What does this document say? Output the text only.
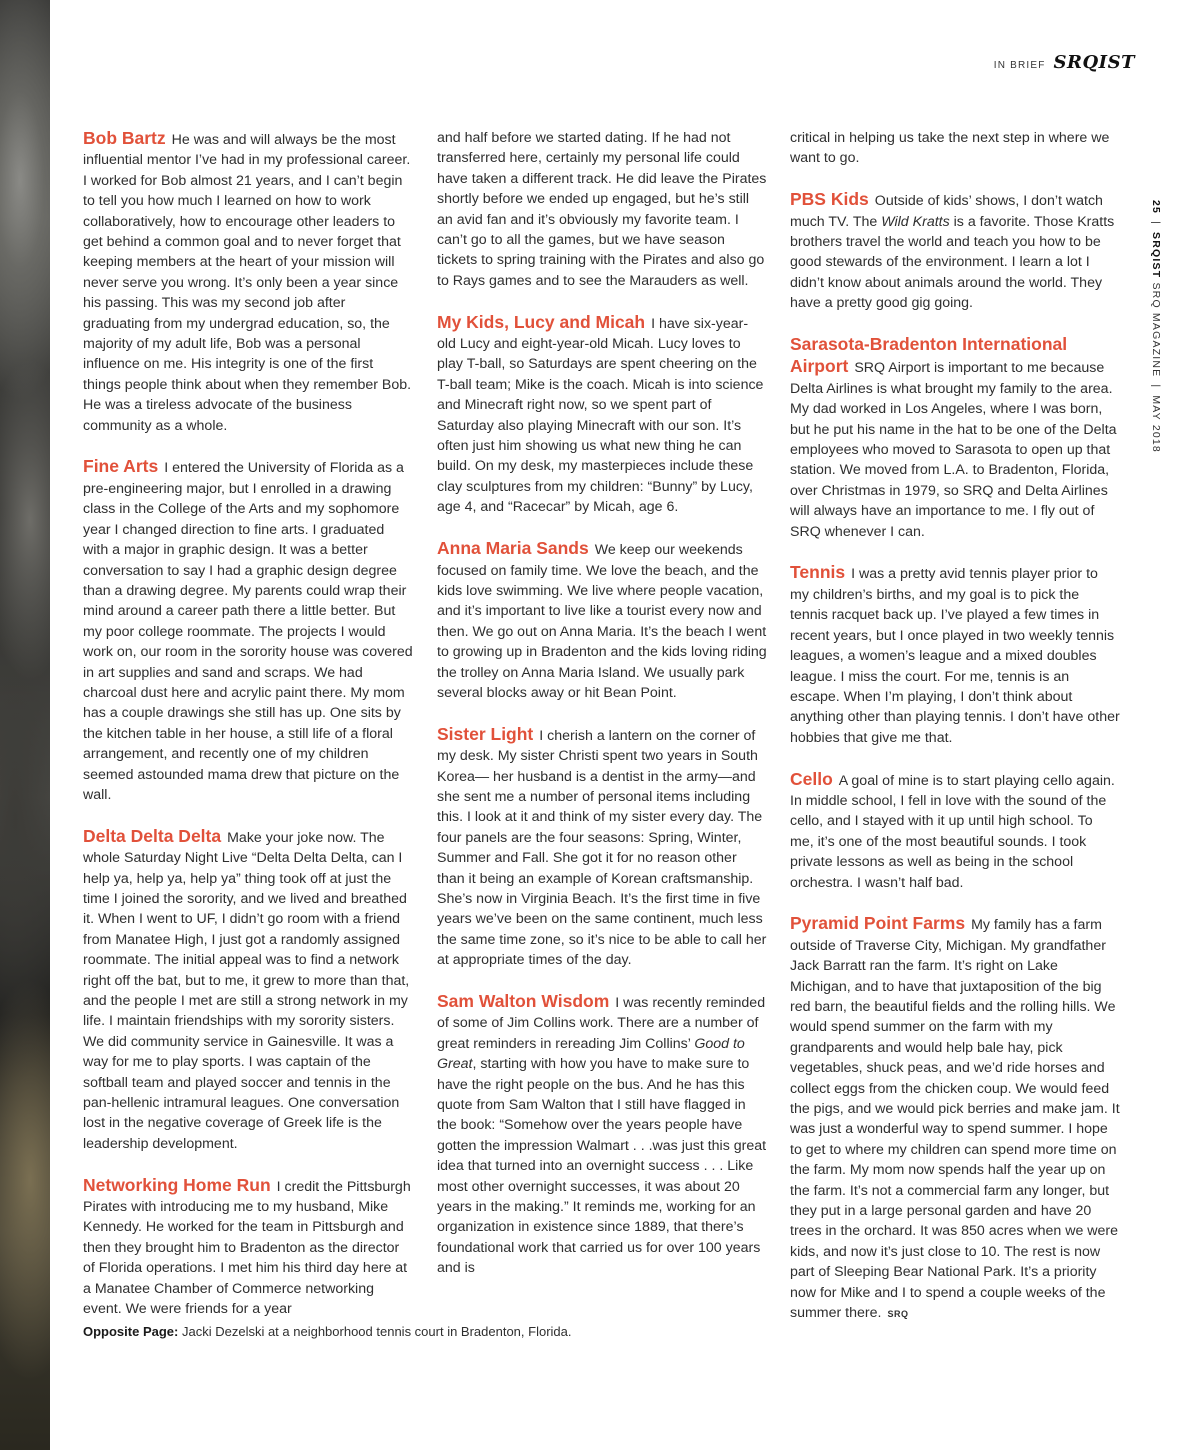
IN BRIEF SRQIST
25|SRQIST SRQ MAGAZINE|MAY 2018

Bob Bartz He was and will always be the most influential mentor I’ve had in my professional career. I worked for Bob almost 21 years, and I can’t begin to tell you how much I learned on how to work collaboratively, how to encourage other leaders to get behind a common goal and to never forget that keeping members at the heart of your mission will never serve you wrong. It’s only been a year since his passing. This was my second job after graduating from my undergrad education, so, the majority of my adult life, Bob was a personal influence on me. His integrity is one of the first things people think about when they remember Bob. He was a tireless advocate of the business community as a whole.

Fine Arts I entered the University of Florida as a pre-engineering major, but I enrolled in a drawing class in the College of the Arts and my sophomore year I changed direction to fine arts. I graduated with a major in graphic design. It was a better conversation to say I had a graphic design degree than a drawing degree. My parents could wrap their mind around a career path there a little better. But my poor college roommate. The projects I would work on, our room in the sorority house was covered in art supplies and sand and scraps. We had charcoal dust here and acrylic paint there. My mom has a couple drawings she still has up. One sits by the kitchen table in her house, a still life of a floral arrangement, and recently one of my children seemed astounded mama drew that picture on the wall.

Delta Delta Delta Make your joke now. The whole Saturday Night Live “Delta Delta Delta, can I help ya, help ya, help ya” thing took off at just the time I joined the sorority, and we lived and breathed it. When I went to UF, I didn’t go room with a friend from Manatee High, I just got a randomly assigned roommate. The initial appeal was to find a network right off the bat, but to me, it grew to more than that, and the people I met are still a strong network in my life. I maintain friendships with my sorority sisters. We did community service in Gainesville. It was a way for me to play sports. I was captain of the softball team and played soccer and tennis in the pan-hellenic intramural leagues. One conversation lost in the negative coverage of Greek life is the leadership development.

Networking Home Run I credit the Pittsburgh Pirates with introducing me to my husband, Mike Kennedy. He worked for the team in Pittsburgh and then they brought him to Bradenton as the director of Florida operations. I met him his third day here at a Manatee Chamber of Commerce networking event. We were friends for a year

and half before we started dating. If he had not transferred here, certainly my personal life could have taken a different track. He did leave the Pirates shortly before we ended up engaged, but he’s still an avid fan and it’s obviously my favorite team. I can’t go to all the games, but we have season tickets to spring training with the Pirates and also go to Rays games and to see the Marauders as well.

My Kids, Lucy and Micah I have six-year-old Lucy and eight-year-old Micah. Lucy loves to play T-ball, so Saturdays are spent cheering on the T-ball team; Mike is the coach. Micah is into science and Minecraft right now, so we spent part of Saturday also playing Minecraft with our son. It’s often just him showing us what new thing he can build. On my desk, my masterpieces include these clay sculptures from my children: “Bunny” by Lucy, age 4, and “Racecar” by Micah, age 6.

Anna Maria Sands We keep our weekends focused on family time. We love the beach, and the kids love swimming. We live where people vacation, and it’s important to live like a tourist every now and then. We go out on Anna Maria. It’s the beach I went to growing up in Bradenton and the kids loving riding the trolley on Anna Maria Island. We usually park several blocks away or hit Bean Point.

Sister Light I cherish a lantern on the corner of my desk. My sister Christi spent two years in South Korea— her husband is a dentist in the army—and she sent me a number of personal items including this. I look at it and think of my sister every day. The four panels are the four seasons: Spring, Winter, Summer and Fall. She got it for no reason other than it being an example of Korean craftsmanship. She’s now in Virginia Beach. It’s the first time in five years we’ve been on the same continent, much less the same time zone, so it’s nice to be able to call her at appropriate times of the day.

Sam Walton Wisdom I was recently reminded of some of Jim Collins work. There are a number of great reminders in rereading Jim Collins’ Good to Great, starting with how you have to make sure to have the right people on the bus. And he has this quote from Sam Walton that I still have flagged in the book: “Somehow over the years people have gotten the impression Walmart . . .was just this great idea that turned into an overnight success . . . Like most other overnight successes, it was about 20 years in the making.” It reminds me, working for an organization in existence since 1889, that there’s foundational work that carried us for over 100 years and is

critical in helping us take the next step in where we want to go.

PBS Kids Outside of kids’ shows, I don’t watch much TV. The Wild Kratts is a favorite. Those Kratts brothers travel the world and teach you how to be good stewards of the environment. I learn a lot I didn’t know about animals around the world. They have a pretty good gig going.

Sarasota-Bradenton International Airport SRQ Airport is important to me because Delta Airlines is what brought my family to the area. My dad worked in Los Angeles, where I was born, but he put his name in the hat to be one of the Delta employees who moved to Sarasota to open up that station. We moved from L.A. to Bradenton, Florida, over Christmas in 1979, so SRQ and Delta Airlines will always have an importance to me. I fly out of SRQ whenever I can.

Tennis I was a pretty avid tennis player prior to my children’s births, and my goal is to pick the tennis racquet back up. I’ve played a few times in recent years, but I once played in two weekly tennis leagues, a women’s league and a mixed doubles league. I miss the court. For me, tennis is an escape. When I’m playing, I don’t think about anything other than playing tennis. I don’t have other hobbies that give me that.

Cello A goal of mine is to start playing cello again. In middle school, I fell in love with the sound of the cello, and I stayed with it up until high school. To me, it’s one of the most beautiful sounds. I took private lessons as well as being in the school orchestra. I wasn’t half bad.

Pyramid Point Farms My family has a farm outside of Traverse City, Michigan. My grandfather Jack Barratt ran the farm. It’s right on Lake Michigan, and to have that juxtaposition of the big red barn, the beautiful fields and the rolling hills. We would spend summer on the farm with my grandparents and would help bale hay, pick vegetables, shuck peas, and we’d ride horses and collect eggs from the chicken coup. We would feed the pigs, and we would pick berries and make jam. It was just a wonderful way to spend summer. I hope to get to where my children can spend more time on the farm. My mom now spends half the year up on the farm. It’s not a commercial farm any longer, but they put in a large personal garden and have 20 trees in the orchard. It was 850 acres when we were kids, and now it’s just close to 10. The rest is now part of Sleeping Bear National Park. It’s a priority now for Mike and I to spend a couple weeks of the summer there. SRQ

Opposite Page: Jacki Dezelski at a neighborhood tennis court in Bradenton, Florida.
